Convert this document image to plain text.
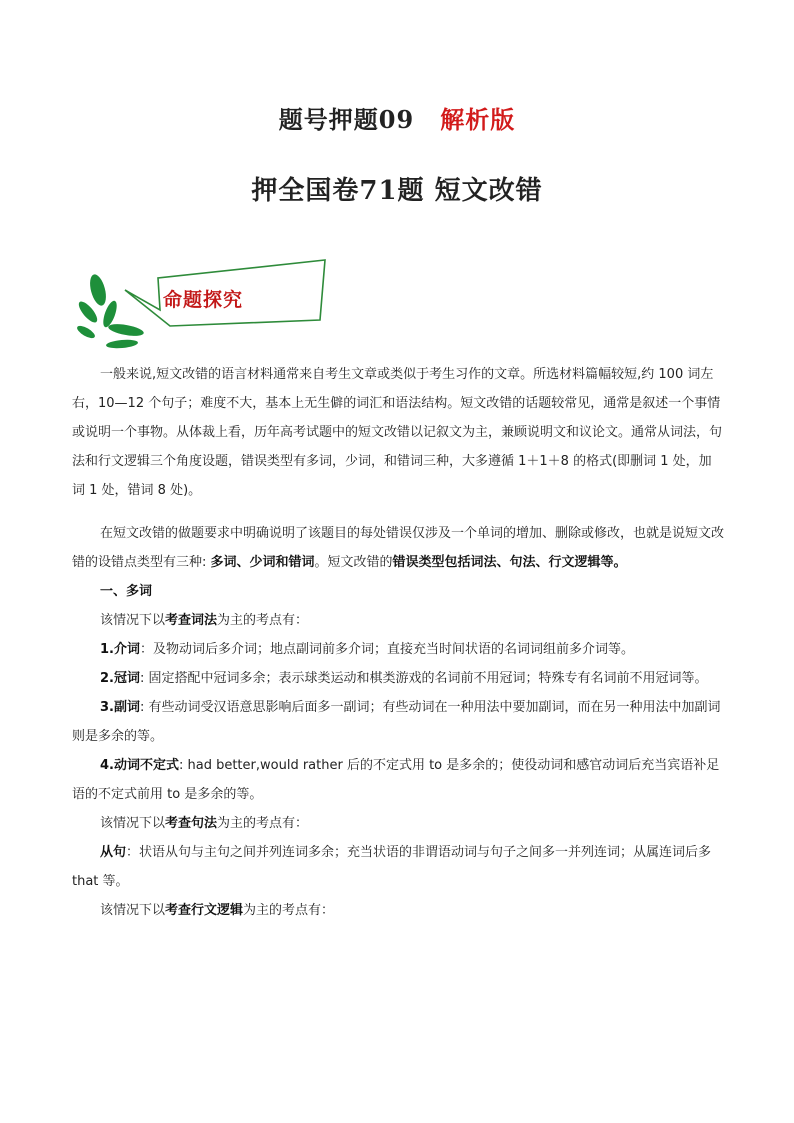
题号押题09 解析版
押全国卷71题 短文改错
命题探究

一般来说,短文改错的语言材料通常来自考生文章或类似于考生习作的文章。所选材料篇幅较短,约 100 词左右，10—12 个句子；难度不大，基本上无生僻的词汇和语法结构。短文改错的话题较常见，通常是叙述一个事情或说明一个事物。从体裁上看，历年高考试题中的短文改错以记叙文为主，兼顾说明文和议论文。通常从词法，句法和行文逻辑三个角度设题，错误类型有多词，少词，和错词三种，大多遵循 1＋1＋8 的格式(即删词 1 处，加词 1 处，错词 8 处)。

在短文改错的做题要求中明确说明了该题目的每处错误仅涉及一个单词的增加、删除或修改，也就是说短文改错的设错点类型有三种: 多词、少词和错词。短文改错的错误类型包括词法、句法、行文逻辑等。

一、多词

该情况下以考查词法为主的考点有：

1.介词：及物动词后多介词；地点副词前多介词；直接充当时间状语的名词词组前多介词等。

2.冠词: 固定搭配中冠词多余；表示球类运动和棋类游戏的名词前不用冠词；特殊专有名词前不用冠词等。

3.副词: 有些动词受汉语意思影响后面多一副词；有些动词在一种用法中要加副词，而在另一种用法中加副词则是多余的等。

4.动词不定式: had better,would rather 后的不定式用 to 是多余的；使役动词和感官动词后充当宾语补足语的不定式前用 to 是多余的等。

该情况下以考查句法为主的考点有：

从句：状语从句与主句之间并列连词多余；充当状语的非谓语动词与句子之间多一并列连词；从属连词后多 that 等。

该情况下以考查行文逻辑为主的考点有：
